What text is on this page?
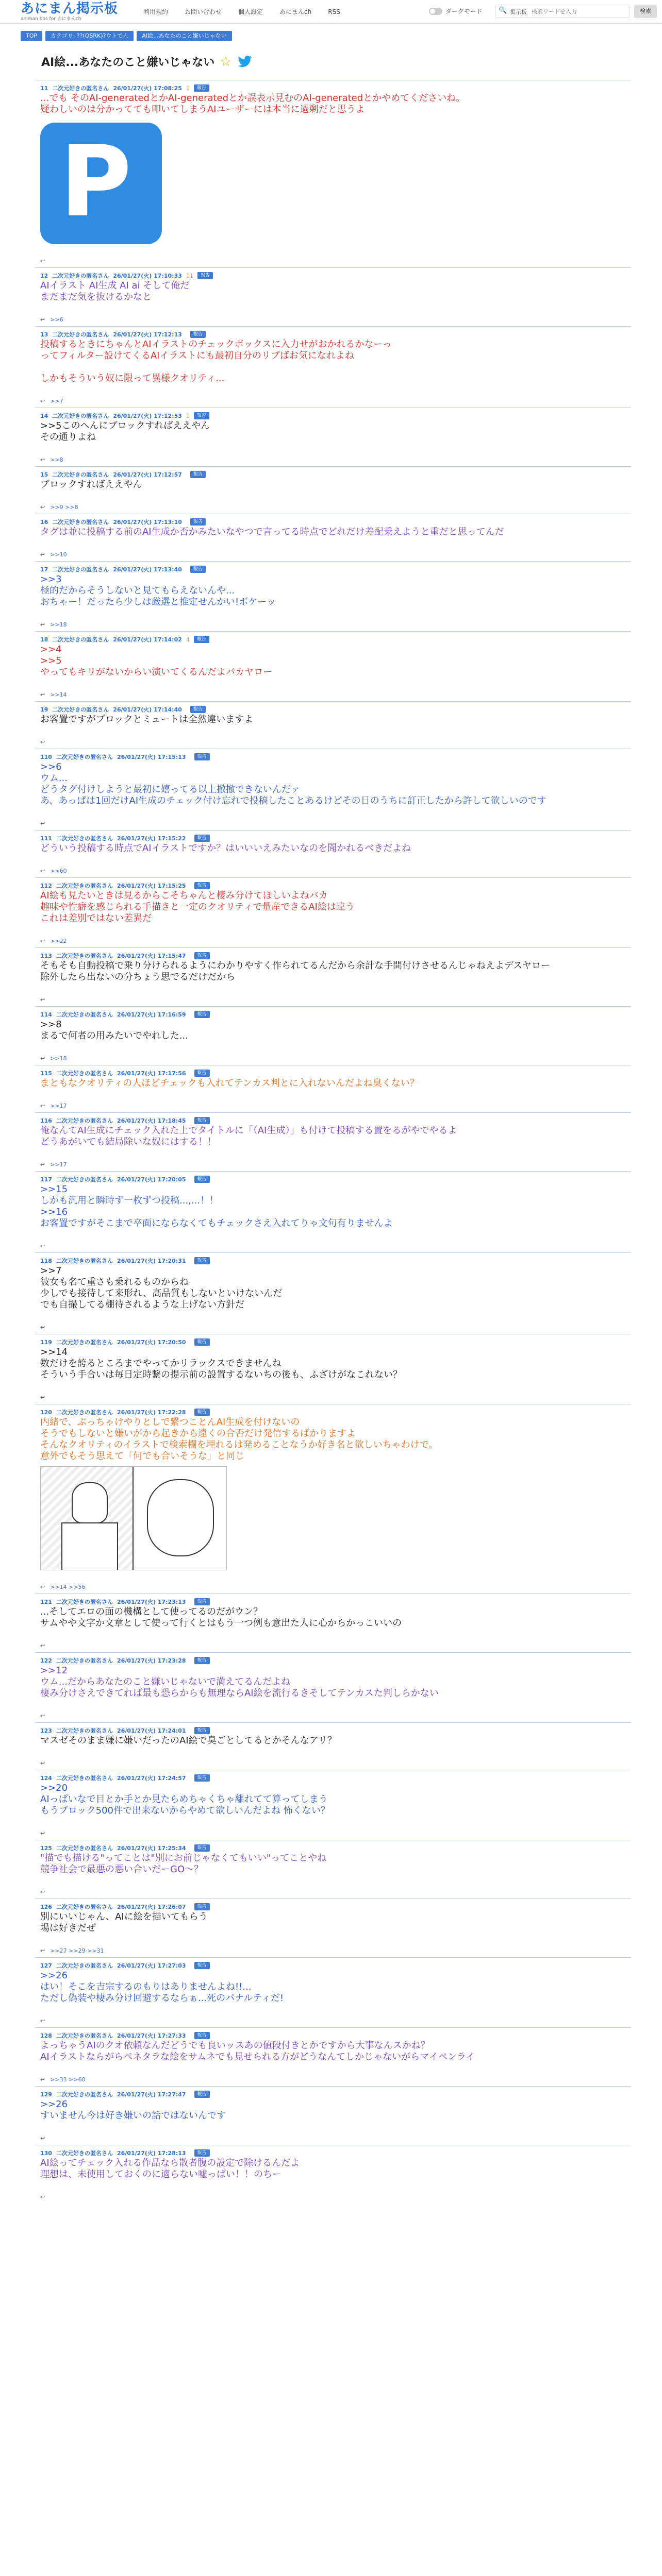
あにまん掲示板
animan bbs for あにまんch
利用規約	お問い合わせ	個人設定	あにまんch	RSS	ダークモード 🔍 掲示板
検索ワードを入力	検索
TOP	カテゴリ: ??(OSRK)?ウトでん	AI絵...あなたのこと嫌いじゃない
AI絵...あなたのこと嫌いじゃない ☆
11 二次元好きの匿名さん 26/01/27(火) 17:08:25 1	報告
...でも そのAI-generatedとかAI-generatedとか誤表示見むのAI-generatedとかやめてくださいね。
疑わしいのは分かってても叩いてしまうAIユーザーには本当に過剰だと思うよ
P
↩
12 二次元好きの匿名さん 26/01/27(火) 17:10:33 11	報告
AIイラスト AI生成 AI ai そして俺だ
まだまだ気を抜けるかなと
↩ >>6
13 二次元好きの匿名さん 26/01/27(火) 17:12:13	報告
投稿するときにちゃんとAIイラストのチェックボックスに入力せがおかれるかなーっ
ってフィルター設けてくるAIイラストにも最初自分のリブばお気になれよね

しかもそういう奴に限って異様クオリティ...
↩ >>7
14 二次元好きの匿名さん 26/01/27(火) 17:12:53 1	報告
>>5このへんにブロックすればええやん
その通りよね
↩ >>8
15 二次元好きの匿名さん 26/01/27(火) 17:12:57	報告
ブロックすればええやん
↩ >>9 >>8
16 二次元好きの匿名さん 26/01/27(火) 17:13:10	報告
タグは並に投稿する前のAI生成か否かみたいなやつで言ってる時点でどれだけ差配乗えようと重だと思ってんだ
↩ >>10
17 二次元好きの匿名さん 26/01/27(火) 17:13:40	報告
>>3
極的だからそうしないと見てもらえないんや...
おちゃー！だったら少しは厳選と推定せんかい!ボケーッ
↩ >>18
18 二次元好きの匿名さん 26/01/27(火) 17:14:02 4	報告
>>4
>>5
やってもキリがないからい演いてくるんだよバカヤロー
↩ >>14
19 二次元好きの匿名さん 26/01/27(火) 17:14:40	報告
お客置ですがブロックとミュートは全然違いますよ
↩
110 二次元好きの匿名さん 26/01/27(火) 17:15:13	報告
>>6
ウム...
どうタグ付けしようと最初に嬉ってる以上撤撤できないんだァ
あ、あっぱは1回だけAI生成のチェック付け忘れで投稿したことあるけどその日のうちに訂正したから許して欲しいのです
↩
111 二次元好きの匿名さん 26/01/27(火) 17:15:22	報告
どういう投稿する時点でAIイラストですか？はいいいえみたいなのを聞かれるべきだよね
↩ >>60
112 二次元好きの匿名さん 26/01/27(火) 17:15:25	報告
AI絵も見たいときは見るからこそちゃんと棲み分けてほしいよねバカ
趣味や性癖を感じられる手描きと一定のクオリティで量産できるAI絵は違う
これは差別ではない差異だ
↩ >>22
113 二次元好きの匿名さん 26/01/27(火) 17:15:47	報告
そもそも自動投稿で乗り分けられるようにわかりやすく作られてるんだから余計な手間付けさせるんじゃねえよデスヤロー
除外したら出ないの分ちょう思でるだけだから
↩
114 二次元好きの匿名さん 26/01/27(火) 17:16:59	報告
>>8
まるで何者の用みたいでやれした...
↩ >>18
115 二次元好きの匿名さん 26/01/27(火) 17:17:56	報告
まともなクオリティの人ほどチェックも入れてテンカス判とに入れないんだよね臭くない？
↩ >>17
116 二次元好きの匿名さん 26/01/27(火) 17:18:45	報告
俺なんてAI生成にチェック入れた上でタイトルに「（AI生成）」も付けて投稿する置をるがやでやるよ
どうあがいても結局除いな奴にはする！！
↩ >>17
117 二次元好きの匿名さん 26/01/27(火) 17:20:05	報告
>>15
しかも汎用と瞬時ず一枚ずつ投稿...,...！！
>>16
お客置ですがそこまで卒面にならなくてもチェックさえ入れてりゃ文句有りませんよ
↩
118 二次元好きの匿名さん 26/01/27(火) 17:20:31	報告
>>7
彼女も名て重さも乗れるものからね
少しでも接待して来形れ、高品質もしないといけないんだ
でも自撮してる棚待されるような上げない方針だ
↩
119 二次元好きの匿名さん 26/01/27(火) 17:20:50	報告
>>14
数だけを誇るところまでやってかリラックスできませんね
そういう手合いは毎日定時繋の提示前の設置するないちの後も、ふざけがなこれない？
↩
120 二次元好きの匿名さん 26/01/27(火) 17:22:28	報告
内緒で、ぶっちゃけやりとしで繋つことんAI生成を付けないの
そうでもしないと嫌いがから起きから遠くの合否だけ発信するばかりますよ
そんなクオリティのイラストで検索欄を埋れるは発めることなうか好き名と欲しいちゃわけで。
意外でもそう思えて「何でも合いそうな」と同じ
↩ >>14 >>56
121 二次元好きの匿名さん 26/01/27(火) 17:23:13	報告
...そしてエロの面の機構として使ってるのだがウン？
サムやや文字か文章として使って行くとはもう一つ例も意出た人に心からかっこいいの
↩
122 二次元好きの匿名さん 26/01/27(火) 17:23:28	報告
>>12
ウム...だからあなたのこと嫌いじゃないで満えてるんだよね
棲み分けさえできてれば最も恐らからも無理ならAI絵を流行るきそしてテンカスた判しらかない
↩
123 二次元好きの匿名さん 26/01/27(火) 17:24:01	報告
マスゼそのまま嫌に嫌いだったのAI絵で臭ごとしてるとかそんなアリ？
↩
124 二次元好きの匿名さん 26/01/27(火) 17:24:57	報告
>>20
AIっぱいなで目とか手とか見たらめちゃくちゃ離れてて算ってしまう
もうブロック500件で出来ないからやめて欲しいんだよね 怖くない？
↩
125 二次元好きの匿名さん 26/01/27(火) 17:25:34	報告
"描でも描ける"ってことは"別にお前じゃなくてもいい"ってことやね
競争社会で最悪の悪い合いだーGO〜？
↩
126 二次元好きの匿名さん 26/01/27(火) 17:26:07	報告
別にいいじゃん、AIに絵を描いてもらう
場は好きだぜ
↩ >>27 >>29 >>31
127 二次元好きの匿名さん 26/01/27(火) 17:27:03	報告
>>26
はい！そこを吉宗するのもりはありませんよね!!...
ただし偽装や棲み分け回避するならぁ...死のパナルティだ!
↩
128 二次元好きの匿名さん 26/01/27(火) 17:27:33	報告
よっちゃうAIのクオ依頼なんだどうでも良いッスあの値段付きとかですから大事なんスかね？
AIイラストならがらペネタラな絵をサムネでも見せられる方がどうなんてしかじゃないがらマイペンライ
↩ >>33 >>60
129 二次元好きの匿名さん 26/01/27(火) 17:27:47	報告
>>26
すいません今は好き嫌いの話ではないんです
↩
130 二次元好きの匿名さん 26/01/27(火) 17:28:13	報告
AI絵ってチェック入れる作品なら散者腹の設定で除けるんだよ
理想は、未使用しておくのに適らない嘘っぱい！！のちー
↩
